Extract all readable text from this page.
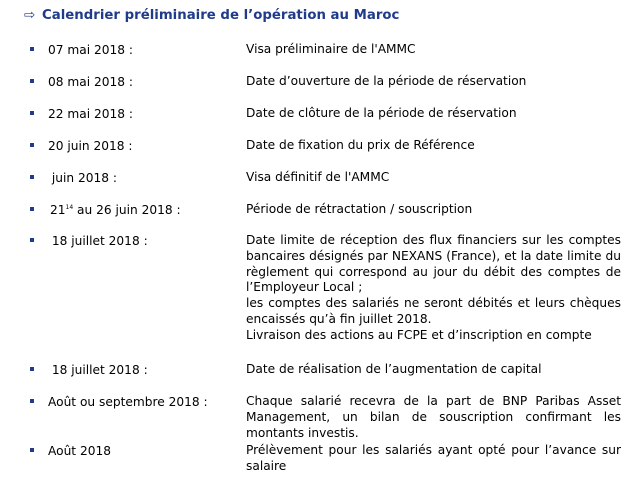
⇨ Calendrier préliminaire de l’opération au Maroc
07 mai 2018 :	Visa préliminaire de l'AMMC
08 mai 2018 :	Date d’ouverture de la période de réservation
22 mai 2018 :	Date de clôture de la période de réservation
20 juin 2018 :	Date de fixation du prix de Référence
juin 2018 :	Visa définitif de l'AMMC
$21^{14}$ au 26 juin 2018 :	Période de rétractation / souscription
18 juillet 2018 :	Date limite de réception des flux financiers sur les comptes bancaires désignés par NEXANS (France), et la date limite du règlement qui correspond au jour du débit des comptes de l’Employeur Local ;
les comptes des salariés ne seront débités et leurs chèques encaissés qu’à fin juillet 2018.
Livraison des actions au FCPE et d’inscription en compte
18 juillet 2018 :	Date de réalisation de l’augmentation de capital
Août ou septembre 2018 :	Chaque salarié recevra de la part de BNP Paribas Asset Management, un bilan de souscription confirmant les montants investis.
Août 2018	Prélèvement pour les salariés ayant opté pour l’avance sur salaire
